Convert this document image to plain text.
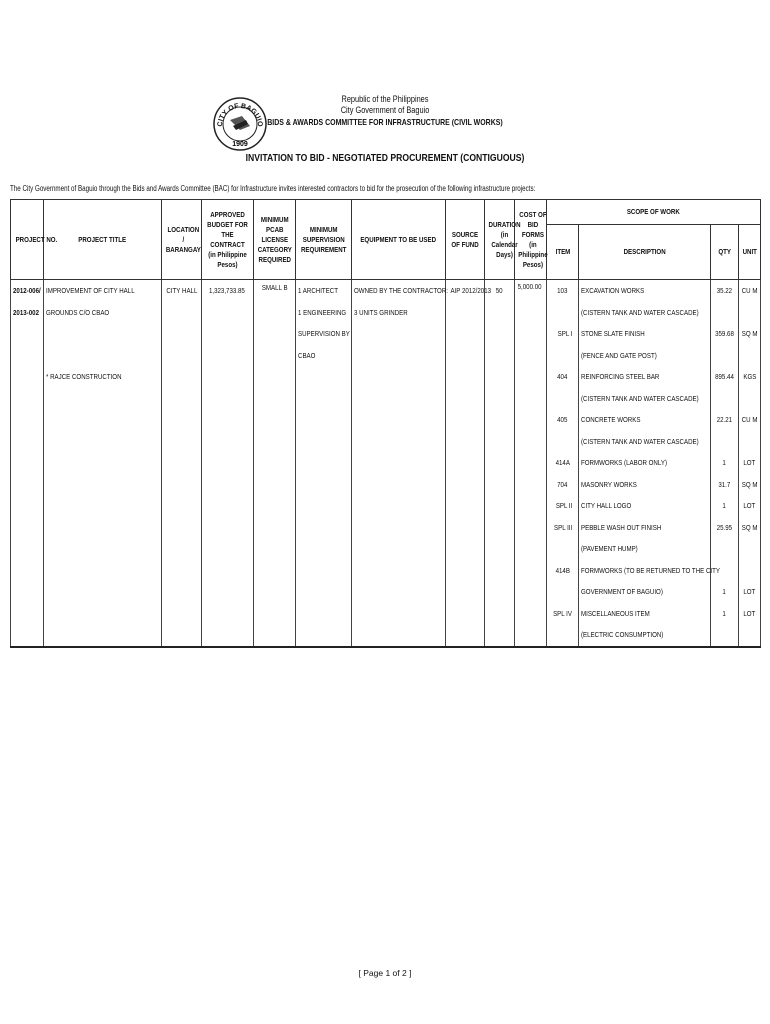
CITY OF BAGUIO
1909
Republic of the Philippines
City Government of Baguio
BIDS & AWARDS COMMITTEE FOR INFRASTRUCTURE (CIVIL WORKS)
INVITATION TO BID - NEGOTIATED PROCUREMENT (CONTIGUOUS)
The City Government of Baguio through the Bids and Awards Committee (BAC) for Infrastructure invites interested contractors to bid for the prosecution of the following infrastructure projects:
PROJECT NO.	PROJECT TITLE	LOCATION / BARANGAY	APPROVED BUDGET FOR THE CONTRACT (in Philippine Pesos)	MINIMUM PCAB LICENSE CATEGORY REQUIRED	MINIMUM SUPERVISION REQUIREMENT	EQUIPMENT TO BE USED	SOURCE OF FUND	DURATION (in Calendar Days)	COST OF BID FORMS (in Philippine Pesos)	SCOPE OF WORK			
										ITEM	DESCRIPTION	QTY	UNIT
2012-006/	IMPROVEMENT OF CITY HALL	CITY HALL	1,323,733.85	SMALL B	1 ARCHITECT	OWNED BY THE CONTRACTOR:	AIP 2012/2013	50	5,000.00	103	EXCAVATION WORKS	35.22	CU M
2013-002	GROUNDS C/O CBAO				1 ENGINEERING	3 UNITS GRINDER					(CISTERN TANK AND WATER CASCADE)		
					SUPERVISION BY					SPL I	STONE SLATE FINISH	359.68	SQ M
					CBAO						(FENCE AND GATE POST)		
	* RAJCE CONSTRUCTION									404	REINFORCING STEEL BAR	895.44	KGS
											(CISTERN TANK AND WATER CASCADE)		
										405	CONCRETE WORKS	22.21	CU M
											(CISTERN TANK AND WATER CASCADE)		
										414A	FORMWORKS (LABOR ONLY)	1	LOT
										704	MASONRY WORKS	31.7	SQ M
										SPL II	CITY HALL LOGO	1	LOT
										SPL III	PEBBLE WASH OUT FINISH	25.95	SQ M
											(PAVEMENT HUMP)		
										414B	FORMWORKS (TO BE RETURNED TO THE CITY		
											GOVERNMENT OF BAGUIO)	1	LOT
										SPL IV	MISCELLANEOUS ITEM	1	LOT
											(ELECTRIC CONSUMPTION)		
[ Page 1 of 2 ]
